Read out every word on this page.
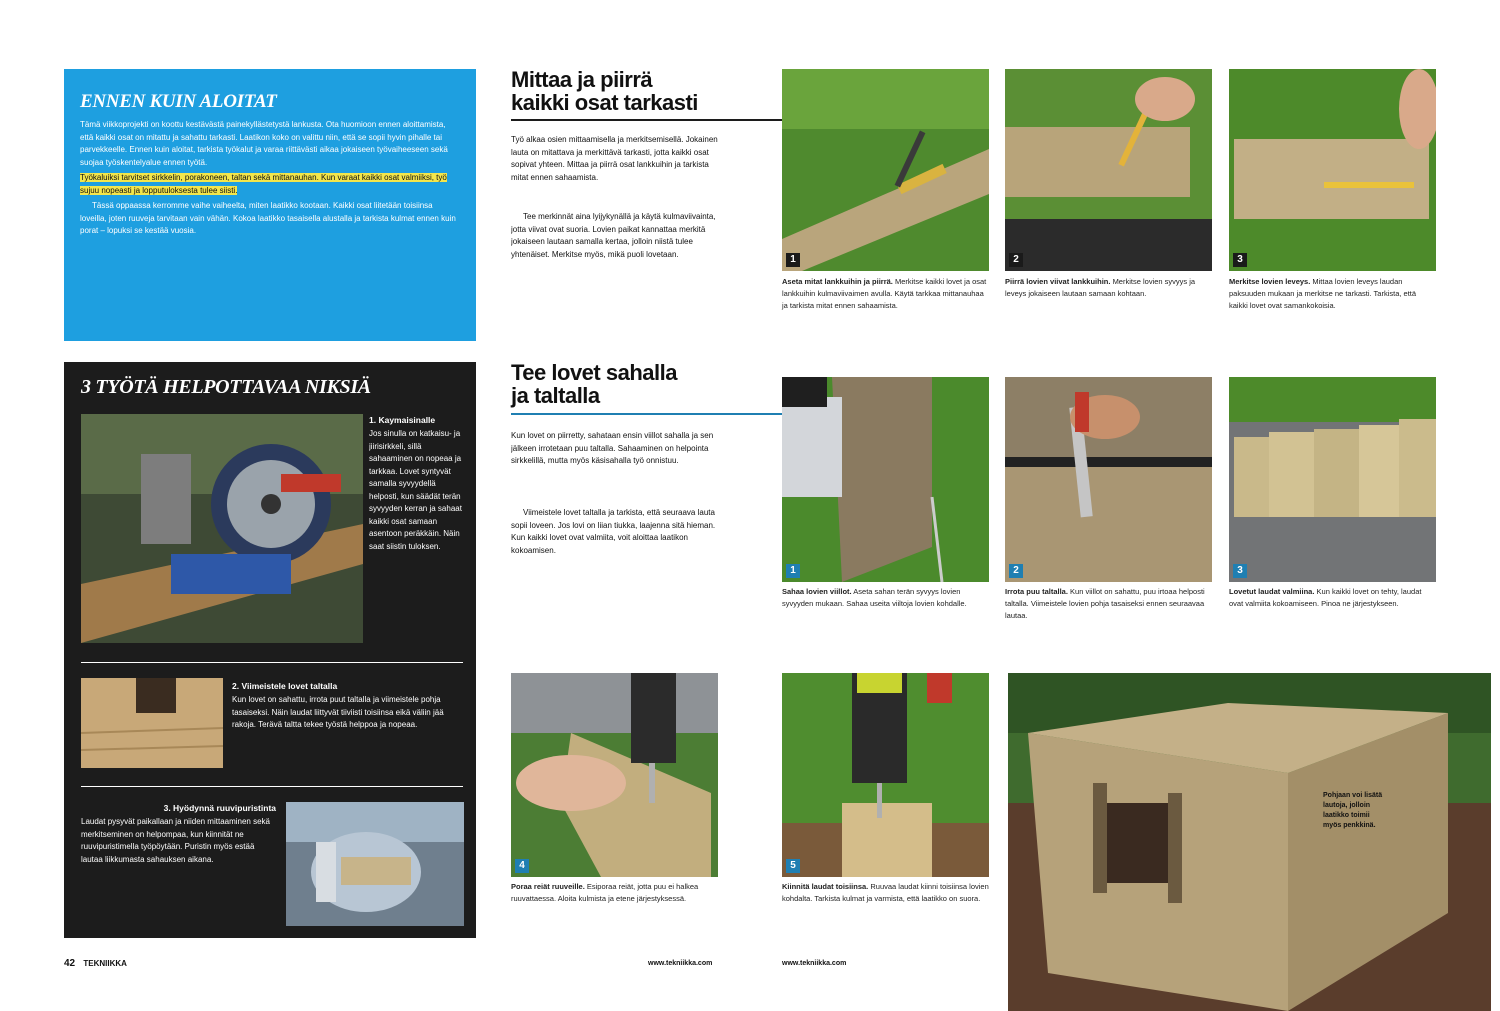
ENNEN KUIN ALOITAT

Tämä viikkoprojekti on koottu kestävästä painekyllästetystä lankusta. Ota huomioon ennen aloittamista, että kaikki osat on mitattu ja sahattu tarkasti. Laatikon koko on valittu niin, että se sopii hyvin pihalle tai parvekkeelle. Ennen kuin aloitat, tarkista työkalut ja varaa riittävästi aikaa jokaiseen työvaiheeseen sekä suojaa työskentelyalue ennen työtä.

Työkaluiksi tarvitset sirkkelin, porakoneen, taltan sekä mittanauhan. Kun varaat kaikki osat valmiiksi, työ sujuu nopeasti ja lopputuloksesta tulee siisti.

Tässä oppaassa kerromme vaihe vaiheelta, miten laatikko kootaan. Kaikki osat liitetään toisiinsa loveilla, joten ruuveja tarvitaan vain vähän. Kokoa laatikko tasaisella alustalla ja tarkista kulmat ennen kuin porat – lopuksi se kestää vuosia.

3 TYÖTÄ HELPOTTAVAA NIKSIÄ
1. Kaymaisinalle

Jos sinulla on katkaisu- ja jiirisirkkeli, sillä sahaaminen on nopeaa ja tarkkaa. Lovet syntyvät samalla syvyydellä helposti, kun säädät terän syvyyden kerran ja sahaat kaikki osat samaan asentoon peräkkäin. Näin saat siistin tuloksen.

2. Viimeistele lovet taltalla

Kun lovet on sahattu, irrota puut taltalla ja viimeistele pohja tasaiseksi. Näin laudat liittyvät tiiviisti toisiinsa eikä väliin jää rakoja. Terävä taltta tekee työstä helppoa ja nopeaa.

3. Hyödynnä ruuvipuristinta

Laudat pysyvät paikallaan ja niiden mittaaminen sekä merkitseminen on helpompaa, kun kiinnität ne ruuvipuristimella työpöytään. Puristin myös estää lautaa liikkumasta sahauksen aikana.

Mittaa ja piirrä
kaikki osat tarkasti

Työ alkaa osien mittaamisella ja merkitsemisellä. Jokainen lauta on mitattava ja merkittävä tarkasti, jotta kaikki osat sopivat yhteen. Mittaa ja piirrä osat lankkuihin ja tarkista mitat ennen sahaamista.

Tee merkinnät aina lyijykynällä ja käytä kulmaviivainta, jotta viivat ovat suoria. Lovien paikat kannattaa merkitä jokaiseen lautaan samalla kertaa, jolloin niistä tulee yhtenäiset. Merkitse myös, mikä puoli lovetaan.

Tee lovet sahalla
ja taltalla

Kun lovet on piirretty, sahataan ensin viillot sahalla ja sen jälkeen irrotetaan puu taltalla. Sahaaminen on helpointa sirkkelillä, mutta myös käsisahalla työ onnistuu.

Viimeistele lovet taltalla ja tarkista, että seuraava lauta sopii loveen. Jos lovi on liian tiukka, laajenna sitä hieman. Kun kaikki lovet ovat valmiita, voit aloittaa laatikon kokoamisen.

1	2	3

Aseta mitat lankkuihin ja piirrä. Merkitse kaikki lovet ja osat lankkuihin kulmaviivaimen avulla. Käytä tarkkaa mittanauhaa ja tarkista mitat ennen sahaamista.

Piirrä lovien viivat lankkuihin. Merkitse lovien syvyys ja leveys jokaiseen lautaan samaan kohtaan.

Merkitse lovien leveys. Mittaa lovien leveys laudan paksuuden mukaan ja merkitse ne tarkasti. Tarkista, että kaikki lovet ovat samankokoisia.

1	2	3

Sahaa lovien viillot. Aseta sahan terän syvyys lovien syvyyden mukaan. Sahaa useita viiltoja lovien kohdalle.

Irrota puu taltalla. Kun viillot on sahattu, puu irtoaa helposti taltalla. Viimeistele lovien pohja tasaiseksi ennen seuraavaa lautaa.

Lovetut laudat valmiina. Kun kaikki lovet on tehty, laudat ovat valmiita kokoamiseen. Pinoa ne järjestykseen.

4	5

Pohjaan voi lisätä lautoja, jolloin laatikko toimii myös penkkinä.

Poraa reiät ruuveille. Esiporaa reiät, jotta puu ei halkea ruuvattaessa. Aloita kulmista ja etene järjestyksessä.

Kiinnitä laudat toisiinsa. Ruuvaa laudat kiinni toisiinsa lovien kohdalta. Tarkista kulmat ja varmista, että laatikko on suora.

42 TEKNIIKKA	www.tekniikka.com	www.tekniikka.com
